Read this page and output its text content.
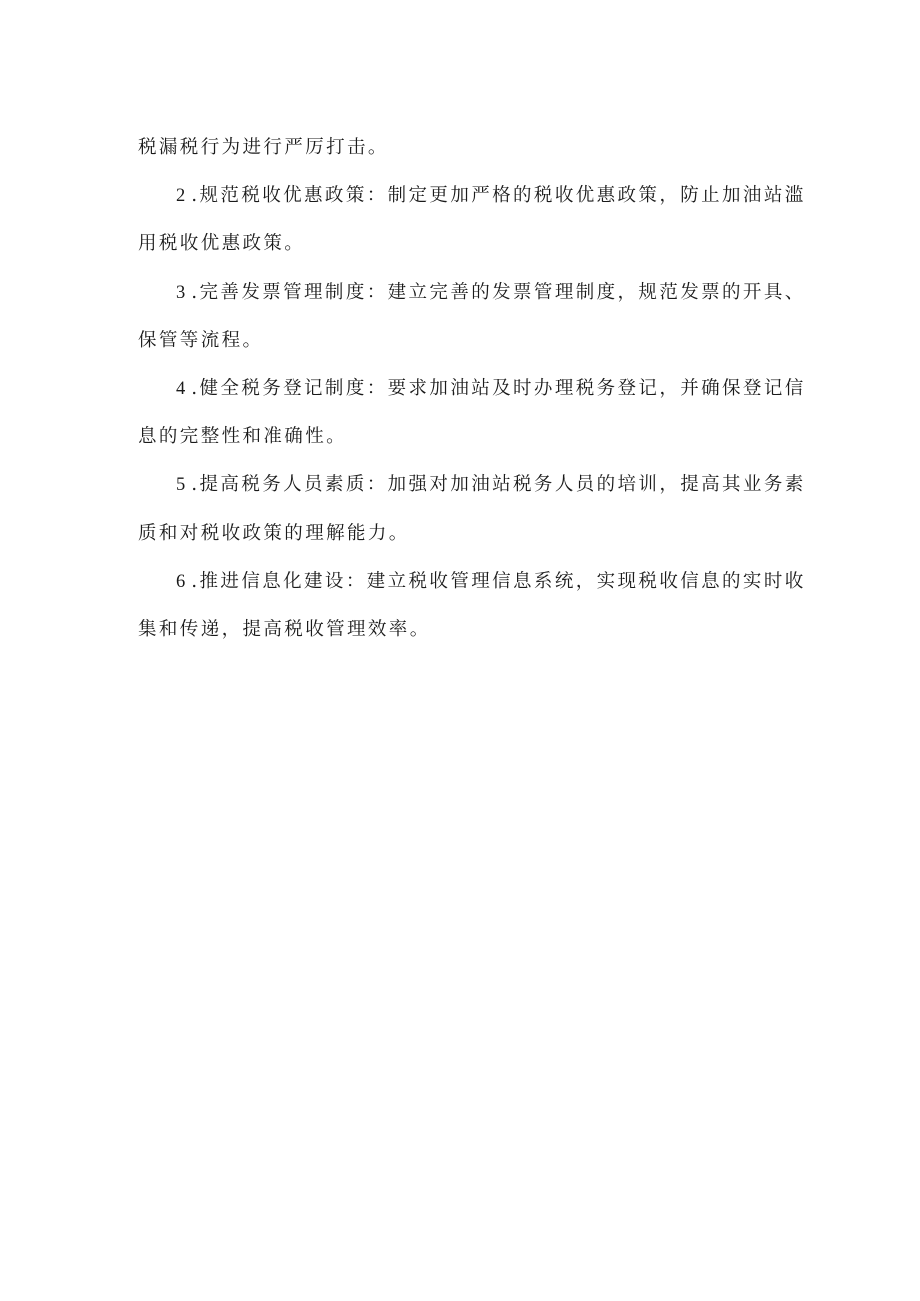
税漏税行为进行严厉打击。
2 .规范税收优惠政策：制定更加严格的税收优惠政策，防止加油站滥
用税收优惠政策。
3 .完善发票管理制度：建立完善的发票管理制度，规范发票的开具、
保管等流程。
4 .健全税务登记制度：要求加油站及时办理税务登记，并确保登记信
息的完整性和准确性。
5 .提高税务人员素质：加强对加油站税务人员的培训，提高其业务素
质和对税收政策的理解能力。
6 .推进信息化建设：建立税收管理信息系统，实现税收信息的实时收
集和传递，提高税收管理效率。
